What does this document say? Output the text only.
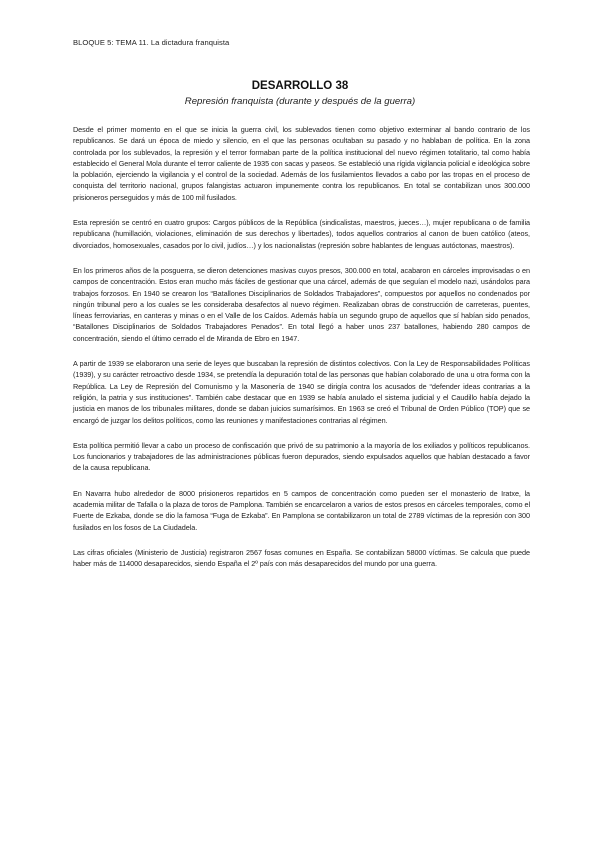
BLOQUE 5: TEMA 11. La dictadura franquista
DESARROLLO 38
Represión franquista (durante y después de la guerra)

Desde el primer momento en el que se inicia la guerra civil, los sublevados tienen como objetivo exterminar al bando contrario de los republicanos. Se dará un época de miedo y silencio, en el que las personas ocultaban su pasado y no hablaban de política. En la zona controlada por los sublevados, la represión y el terror formaban parte de la política institucional del nuevo régimen totalitario, tal como había establecido el General Mola durante el terror caliente de 1935 con sacas y paseos. Se estableció una rígida vigilancia policial e ideológica sobre la población, ejerciendo la vigilancia y el control de la sociedad. Además de los fusilamientos llevados a cabo por las tropas en el proceso de conquista del territorio nacional, grupos falangistas actuaron impunemente contra los republicanos. En total se contabilizan unos 300.000 prisioneros perseguidos y más de 100 mil fusilados.

Esta represión se centró en cuatro grupos: Cargos públicos de la República (sindicalistas, maestros, jueces…), mujer republicana o de familia republicana (humillación, violaciones, eliminación de sus derechos y libertades), todos aquellos contrarios al canon de buen católico (ateos, divorciados, homosexuales, casados por lo civil, judíos…) y los nacionalistas (represión sobre hablantes de lenguas autóctonas, maestros).

En los primeros años de la posguerra, se dieron detenciones masivas cuyos presos, 300.000 en total, acabaron en cárceles improvisadas o en campos de concentración. Estos eran mucho más fáciles de gestionar que una cárcel, además de que seguían el modelo nazi, usándolos para trabajos forzosos. En 1940 se crearon los “Batallones Disciplinarios de Soldados Trabajadores”, compuestos por aquellos no condenados por ningún tribunal pero a los cuales se les consideraba desafectos al nuevo régimen. Realizaban obras de construcción de carreteras, puentes, líneas ferroviarias, en canteras y minas o en el Valle de los Caídos. Además había un segundo grupo de aquellos que sí habían sido penados, “Batallones Disciplinarios de Soldados Trabajadores Penados”. En total llegó a haber unos 237 batallones, habiendo 280 campos de concentración, siendo el último cerrado el de Miranda de Ebro en 1947.

A partir de 1939 se elaboraron una serie de leyes que buscaban la represión de distintos colectivos. Con la Ley de Responsabilidades Políticas (1939), y su carácter retroactivo desde 1934, se pretendía la depuración total de las personas que habían colaborado de una u otra forma con la República. La Ley de Represión del Comunismo y la Masonería de 1940 se dirigía contra los acusados de “defender ideas contrarias a la religión, la patria y sus instituciones”. También cabe destacar que en 1939 se había anulado el sistema judicial y el Caudillo había dejado la justicia en manos de los tribunales militares, donde se daban juicios sumarísimos. En 1963 se creó el Tribunal de Orden Público (TOP) que se encargó de juzgar los delitos políticos, como las reuniones y manifestaciones contrarias al régimen.

Esta política permitió llevar a cabo un proceso de confiscación que privó de su patrimonio a la mayoría de los exiliados y políticos republicanos. Los funcionarios y trabajadores de las administraciones públicas fueron depurados, siendo expulsados aquellos que habían destacado a favor de la causa republicana.

En Navarra hubo alrededor de 8000 prisioneros repartidos en 5 campos de concentración como pueden ser el monasterio de Iratxe, la academia militar de Tafalla o la plaza de toros de Pamplona. También se encarcelaron a varios de estos presos en cárceles temporales, como el Fuerte de Ezkaba, donde se dio la famosa “Fuga de Ezkaba”. En Pamplona se contabilizaron un total de 2789 víctimas de la represión con 300 fusilados en los fosos de La Ciudadela.

Las cifras oficiales (Ministerio de Justicia) registraron 2567 fosas comunes en España. Se contabilizan 58000 víctimas. Se calcula que puede haber más de 114000 desaparecidos, siendo España el 2º país con más desaparecidos del mundo por una guerra.
